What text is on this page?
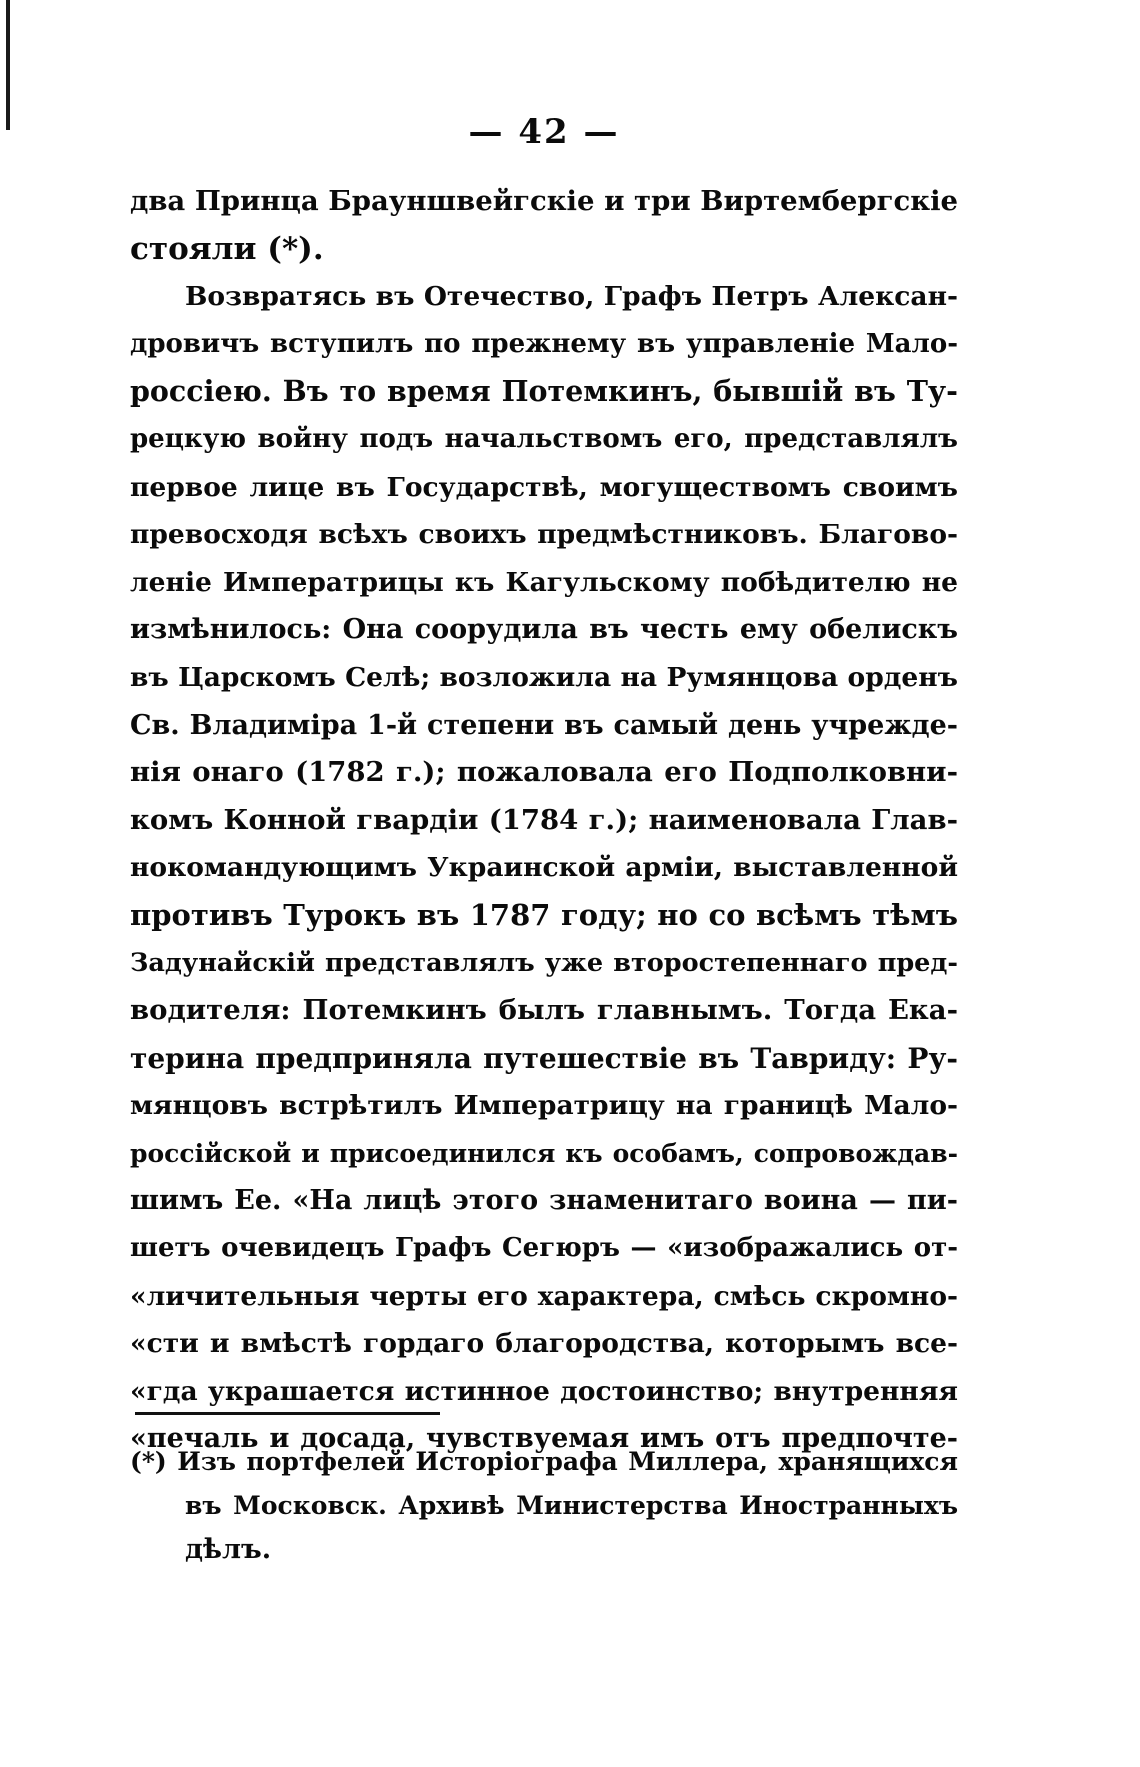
— 42 —
два Принца Брауншвейгскiе и три Виртембергскiе
стояли (*).
Возвратясь въ Отечество, Графъ Петръ Алексан-
дровичъ вступилъ по прежнему въ управленiе Мало-
россiею. Въ то время Потемкинъ, бывшiй въ Ту-
рецкую войну подъ начальствомъ его, представлялъ
первое лице въ Государствѣ, могуществомъ своимъ
превосходя всѣхъ своихъ предмѣстниковъ. Благово-
ленiе Императрицы къ Кагульскому побѣдителю не
измѣнилось: Она соорудила въ честь ему обелискъ
въ Царскомъ Селѣ; возложила на Румянцова орденъ
Св. Владимiра 1-й степени въ самый день учрежде-
нiя онаго (1782 г.); пожаловала его Подполковни-
комъ Конной гвардiи (1784 г.); наименовала Глав-
нокомандующимъ Украинской армiи, выставленной
противъ Турокъ въ 1787 году; но со всѣмъ тѣмъ
Задунайскiй представлялъ уже второстепеннаго пред-
водителя: Потемкинъ былъ главнымъ. Тогда Ека-
терина предприняла путешествiе въ Тавриду: Ру-
мянцовъ встрѣтилъ Императрицу на границѣ Мало-
россiйской и присоединился къ особамъ, сопровождав-
шимъ Ее. «На лицѣ этого знаменитаго воина — пи-
шетъ очевидецъ Графъ Сегюръ — «изображались от-
«личительныя черты его характера, смѣсь скромно-
«сти и вмѣстѣ гордаго благородства, которымъ все-
«гда украшается истинное достоинство; внутренняя
«печаль и досада, чувствуемая имъ отъ предпочте-
(*) Изъ портфелей Исторiографа Миллера, хранящихся
въ Московск. Архивѣ Министерства Иностранныхъ
дѣлъ.
